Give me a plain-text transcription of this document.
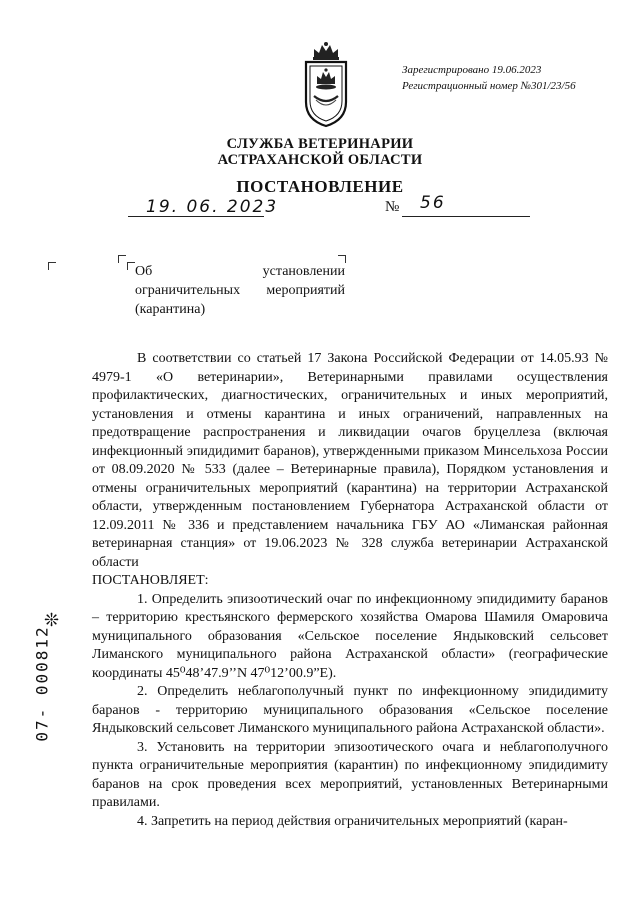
Зарегистрировано 19.06.2023
Регистрационный номер №301/23/56
СЛУЖБА ВЕТЕРИНАРИИ
АСТРАХАНСКОЙ ОБЛАСТИ
ПОСТАНОВЛЕНИЕ
19. 06. 2023	№ 56
Об установлении ограничительных мероприятий (карантина)
❊
07- 000812

В соответствии со статьей 17 Закона Российской Федерации от 14.05.93 № 4979-1 «О ветеринарии», Ветеринарными правилами осуществления профилактических, диагностических, ограничительных и иных мероприятий, установления и отмены карантина и иных ограничений, направленных на предотвращение распространения и ликвидации очагов бруцеллеза (включая инфекционный эпидидимит баранов), утвержденными приказом Минсельхоза России от 08.09.2020 № 533 (далее – Ветеринарные правила), Порядком установления и отмены ограничительных мероприятий (карантина) на территории Астраханской области, утвержденным постановлением Губернатора Астраханской области от 12.09.2011 № 336 и представлением начальника ГБУ АО «Лиманская районная ветеринарная станция» от 19.06.2023 № 328 служба ветеринарии Астраханской области

ПОСТАНОВЛЯЕТ:

1. Определить эпизоотический очаг по инфекционному эпидидимиту баранов – территорию крестьянского фермерского хозяйства Омарова Шамиля Омаровича муниципального образования «Сельское поселение Яндыковский сельсовет Лиманского муниципального района Астраханской области» (географические координаты 45⁰48’47.9’’N 47⁰12’00.9”E).

2. Определить неблагополучный пункт по инфекционному эпидидимиту баранов - территорию муниципального образования «Сельское поселение Яндыковский сельсовет Лиманского муниципального района Астраханской области».

3. Установить на территории эпизоотического очага и неблагополучного пункта ограничительные мероприятия (карантин) по инфекционному эпидидимиту баранов на срок проведения всех мероприятий, установленных Ветеринарными правилами.

4. Запретить на период действия ограничительных мероприятий (каран-
